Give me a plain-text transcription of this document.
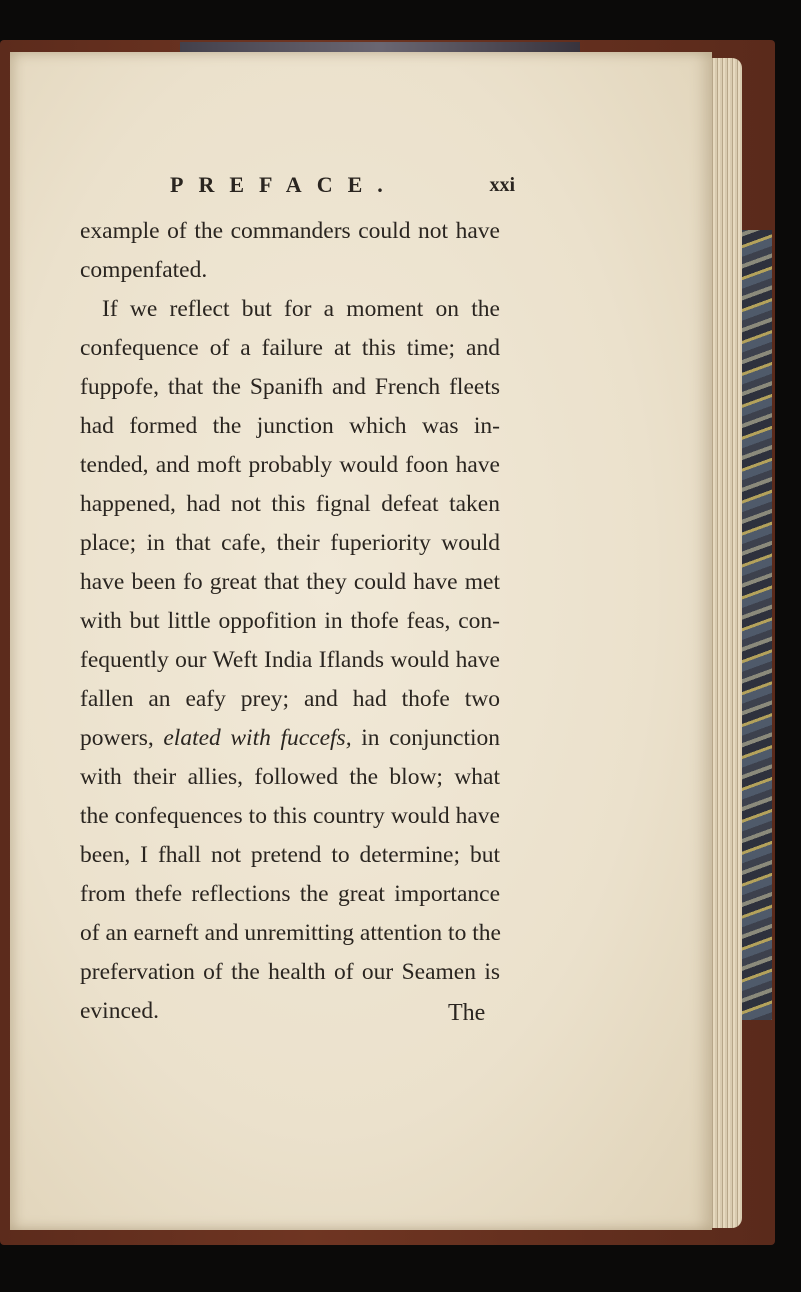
PREFACE.	xxi
example of the commanders could not have
compenfated.
If we reflect but for a moment on the
confequence of a failure at this time; and
fuppofe, that the Spanifh and French fleets
had formed the junction which was in-
tended, and moft probably would foon have
happened, had not this fignal defeat taken
place; in that cafe, their fuperiority would
have been fo great that they could have met
with but little oppofition in thofe feas, con-
fequently our Weft India Iflands would have
fallen an eafy prey; and had thofe two
powers, elated with fuccefs, in conjunction
with their allies, followed the blow; what
the confequences to this country would have
been, I fhall not pretend to determine; but
from thefe reflections the great importance
of an earneft and unremitting attention to the
prefervation of the health of our Seamen is
evinced.	The
